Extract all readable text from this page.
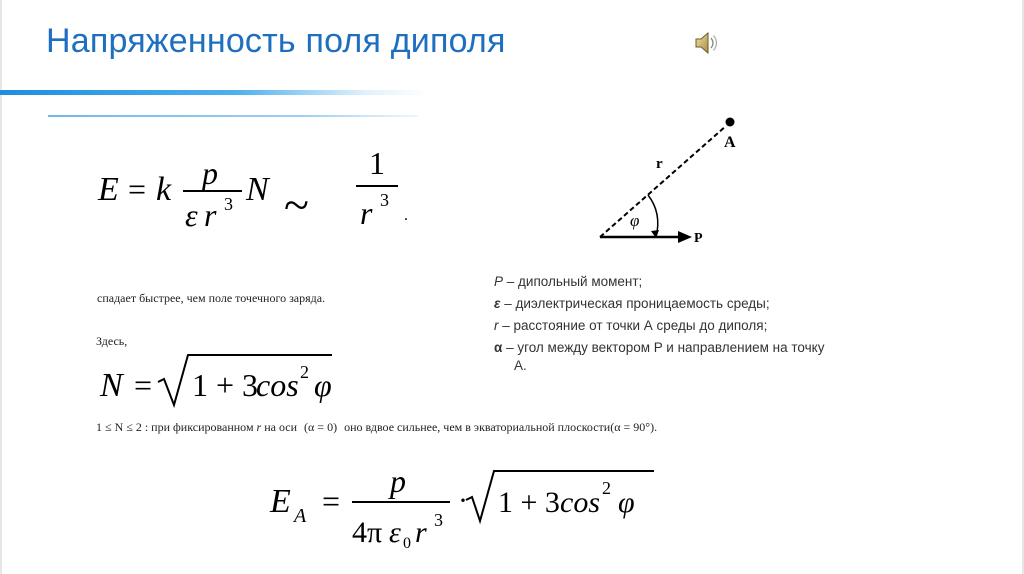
Напряженность поля диполя
E = k p
ε r 3 N ~
1
r 3
.
спадает быстрее, чем поле точечного заряда.
Здесь,
N = 1 + 3
cos 2 φ
1 ≤ N ≤ 2 : при фиксированном r на оси (α = 0) оно вдвое сильнее, чем в экваториальной плоскости(α = 90°).
E A =
p
4π ε 0 r 3
· 1 + 3 cos 2 φ
A
r
P
φ
P – дипольный момент;
ε – диэлектрическая проницаемость среды;
r – расстояние от точки А среды до диполя;
α – угол между вектором P и направлением на точку
А.
